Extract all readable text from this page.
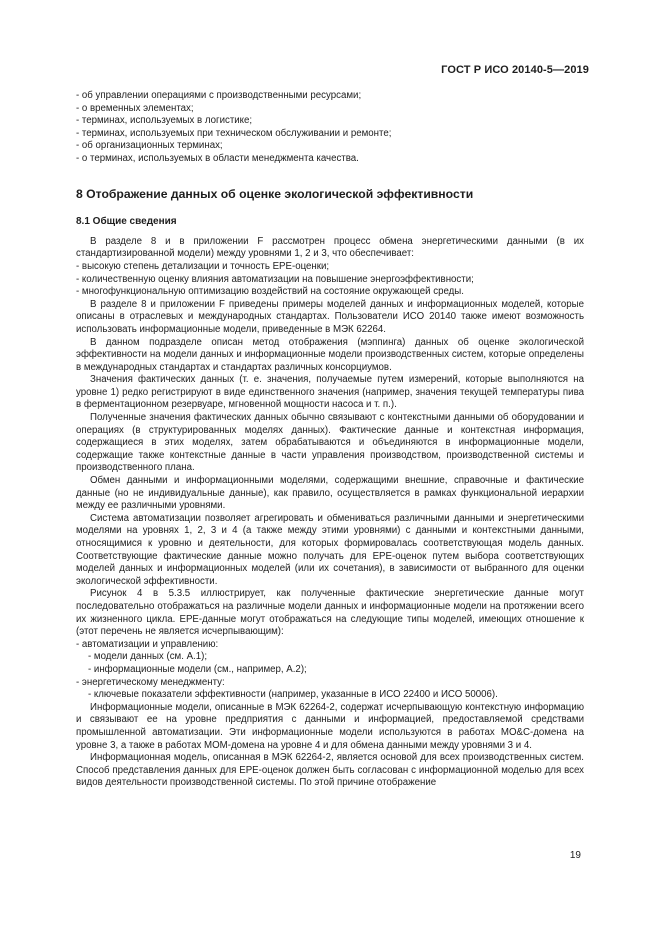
ГОСТ Р ИСО 20140-5—2019
- об управлении операциями с производственными ресурсами;
- о временных элементах;
- терминах, используемых в логистике;
- терминах, используемых при техническом обслуживании и ремонте;
- об организационных терминах;
- о терминах, используемых в области менеджмента качества.
8 Отображение данных об оценке экологической эффективности
8.1 Общие сведения

В разделе 8 и в приложении F рассмотрен процесс обмена энергетическими данными (в их стандартизированной модели) между уровнями 1, 2 и 3, что обеспечивает:

- высокую степень детализации и точность EPE-оценки;
- количественную оценку влияния автоматизации на повышение энергоэффективности;
- многофункциональную оптимизацию воздействий на состояние окружающей среды.

В разделе 8 и приложении F приведены примеры моделей данных и информационных моделей, которые описаны в отраслевых и международных стандартах. Пользователи ИСО 20140 также имеют возможность использовать информационные модели, приведенные в МЭК 62264.

В данном подразделе описан метод отображения (мэппинга) данных об оценке экологической эффективности на модели данных и информационные модели производственных систем, которые определены в международных стандартах и стандартах различных консорциумов.

Значения фактических данных (т. е. значения, получаемые путем измерений, которые выполняются на уровне 1) редко регистрируют в виде единственного значения (например, значения текущей температуры пива в ферментационном резервуаре, мгновенной мощности насоса и т. п.).

Полученные значения фактических данных обычно связывают с контекстными данными об оборудовании и операциях (в структурированных моделях данных). Фактические данные и контекстная информация, содержащиеся в этих моделях, затем обрабатываются и объединяются в информационные модели, содержащие также контекстные данные в части управления производством, производственной системы и производственного плана.

Обмен данными и информационными моделями, содержащими внешние, справочные и фактические данные (но не индивидуальные данные), как правило, осуществляется в рамках функциональной иерархии между ее различными уровнями.

Система автоматизации позволяет агрегировать и обмениваться различными данными и энергетическими моделями на уровнях 1, 2, 3 и 4 (а также между этими уровнями) с данными и контекстными данными, относящимися к уровню и деятельности, для которых формировалась соответствующая модель данных. Соответствующие фактические данные можно получать для EPE-оценок путем выбора соответствующих моделей данных и информационных моделей (или их сочетания), в зависимости от выбранного для оценки экологической эффективности.

Рисунок 4 в 5.3.5 иллюстрирует, как полученные фактические энергетические данные могут последовательно отображаться на различные модели данных и информационные модели на протяжении всего их жизненного цикла. EPE-данные могут отображаться на следующие типы моделей, имеющих отношение к (этот перечень не является исчерпывающим):

- автоматизации и управлению:
- модели данных (см. А.1);
- информационные модели (см., например, А.2);
- энергетическому менеджменту:
- ключевые показатели эффективности (например, указанные в ИСО 22400 и ИСО 50006).

Информационные модели, описанные в МЭК 62264-2, содержат исчерпывающую контекстную информацию и связывают ее на уровне предприятия с данными и информацией, предоставляемой средствами промышленной автоматизации. Эти информационные модели используются в работах МО&С-домена на уровне 3, а также в работах МОМ-домена на уровне 4 и для обмена данными между уровнями 3 и 4.

Информационная модель, описанная в МЭК 62264-2, является основой для всех производственных систем. Способ представления данных для EPE-оценок должен быть согласован с информационной моделью для всех видов деятельности производственной системы. По этой причине отображение

19
